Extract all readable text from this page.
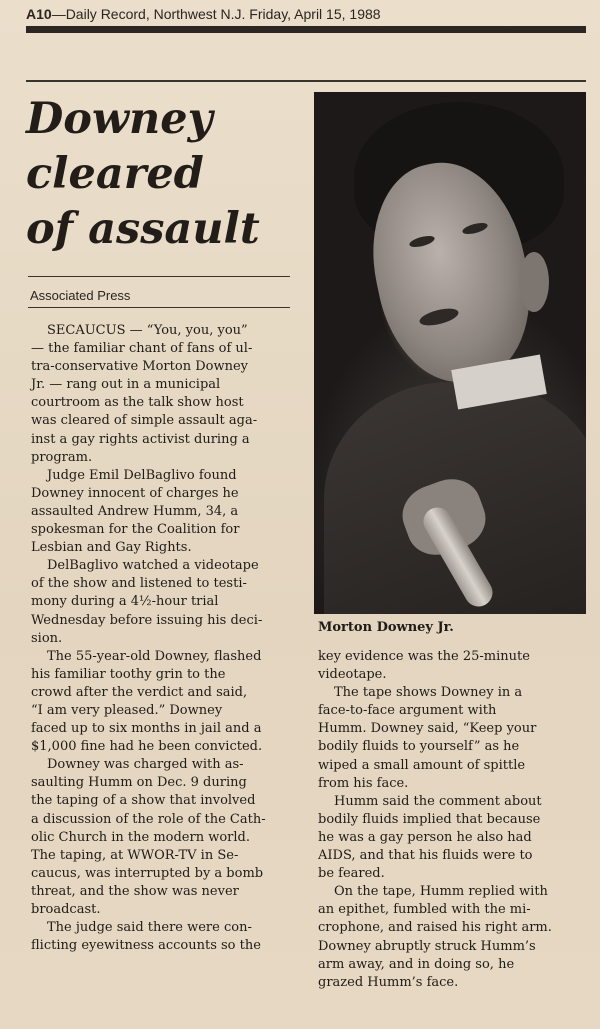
A10—Daily Record, Northwest N.J. Friday, April 15, 1988
Downey
cleared
of assault
Associated Press
SECAUCUS — “You, you, you”
— the familiar chant of fans of ul-
tra-conservative Morton Downey
Jr. — rang out in a municipal
courtroom as the talk show host
was cleared of simple assault aga-
inst a gay rights activist during a
program.
Judge Emil DelBaglivo found
Downey innocent of charges he
assaulted Andrew Humm, 34, a
spokesman for the Coalition for
Lesbian and Gay Rights.
DelBaglivo watched a videotape
of the show and listened to testi-
mony during a 4½-hour trial
Wednesday before issuing his deci-
sion.
The 55-year-old Downey, flashed
his familiar toothy grin to the
crowd after the verdict and said,
“I am very pleased.” Downey
faced up to six months in jail and a
$1,000 fine had he been convicted.
Downey was charged with as-
saulting Humm on Dec. 9 during
the taping of a show that involved
a discussion of the role of the Cath-
olic Church in the modern world.
The taping, at WWOR-TV in Se-
caucus, was interrupted by a bomb
threat, and the show was never
broadcast.
The judge said there were con-
flicting eyewitness accounts so the
Morton Downey Jr.
key evidence was the 25-minute
videotape.
The tape shows Downey in a
face-to-face argument with
Humm. Downey said, “Keep your
bodily fluids to yourself” as he
wiped a small amount of spittle
from his face.
Humm said the comment about
bodily fluids implied that because
he was a gay person he also had
AIDS, and that his fluids were to
be feared.
On the tape, Humm replied with
an epithet, fumbled with the mi-
crophone, and raised his right arm.
Downey abruptly struck Humm’s
arm away, and in doing so, he
grazed Humm’s face.
